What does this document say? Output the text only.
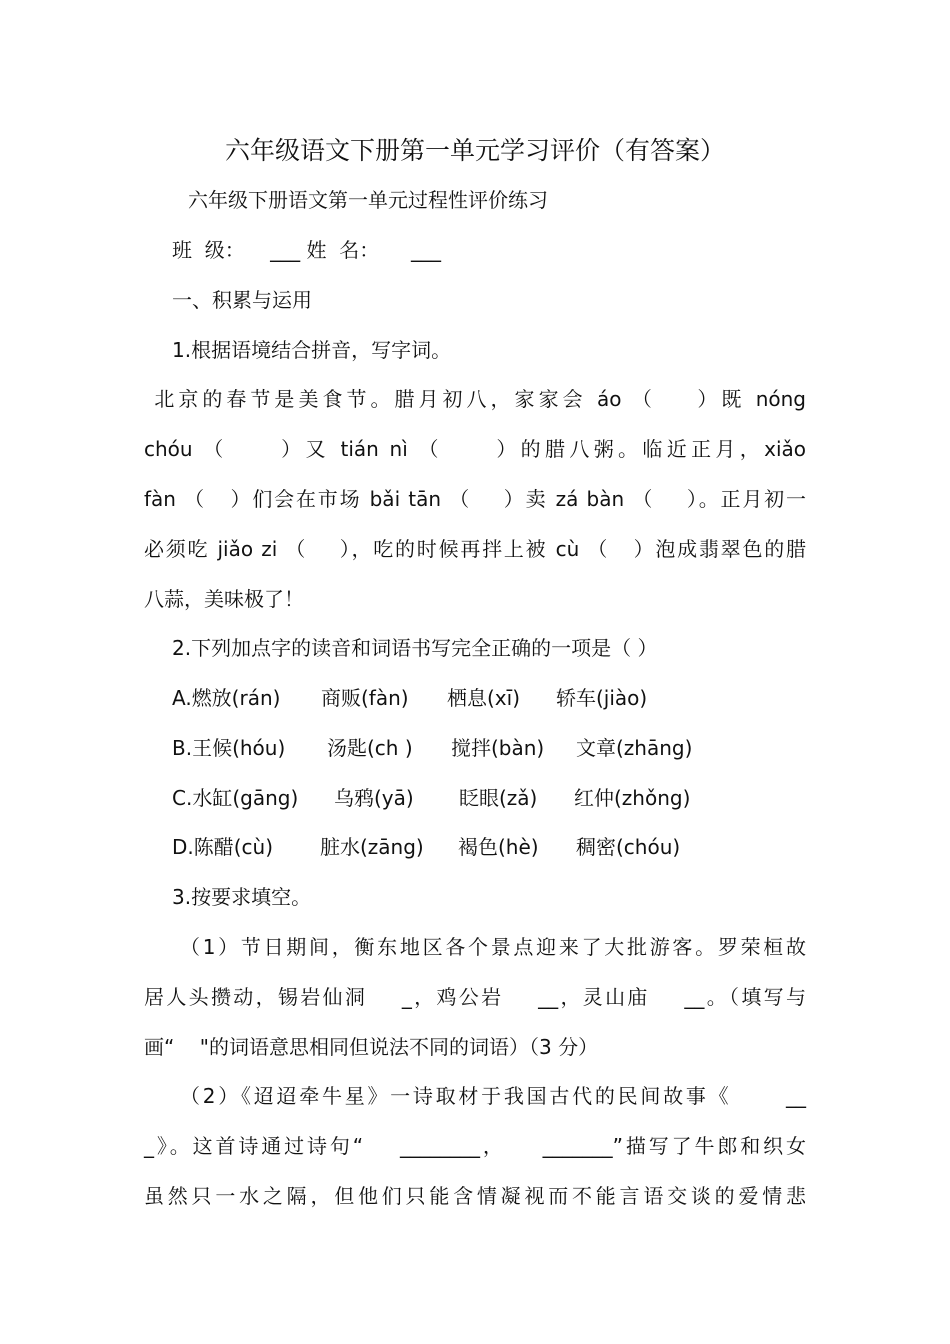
六年级语文下册第一单元学习评价（有答案）
六年级下册语文第一单元过程性评价练习
班  级：    ___ 姓  名：     ___
一、积累与运用
1.根据语境结合拼音，写字词。
北京的春节是美食节。腊月初八，家家会 áo （    ）既 nóng
chóu （     ）又 tián nì （     ）的腊八粥。临近正月，xiǎo
fàn （   ）们会在市场 bǎi tān （    ）卖 zá bàn （    ）。正月初一
必须吃 jiǎo zi （    ），吃的时候再拌上被 cù （   ）泡成翡翠色的腊
八蒜，美味极了！
2.下列加点字的读音和词语书写完全正确的一项是（ ）
A.燃放(rán) 商贩(fàn) 栖息(xī) 轿车(jiào)
B.王候(hóu) 汤匙(ch ) 搅拌(bàn) 文章(zhāng)
C.水缸(gāng) 乌鸦(yā) 眨眼(zǎ) 红仲(zhǒng)
D.陈醋(cù) 脏水(zāng) 褐色(hè) 稠密(chóu)
3.按要求填空。
（1）节日期间，衡东地区各个景点迎来了大批游客。罗荣桓故
居人头攒动，锡岩仙洞    _，鸡公岩    __，灵山庙    __。（填写与
画“    "的词语意思相同但说法不同的词语）（3 分）
（2）《迢迢牵牛星》一诗取材于我国古代的民间故事《      __
_》。这首诗通过诗句“    ________，    _______”描写了牛郎和织女
虽然只一水之隔，但他们只能含情凝视而不能言语交谈的爱情悲
